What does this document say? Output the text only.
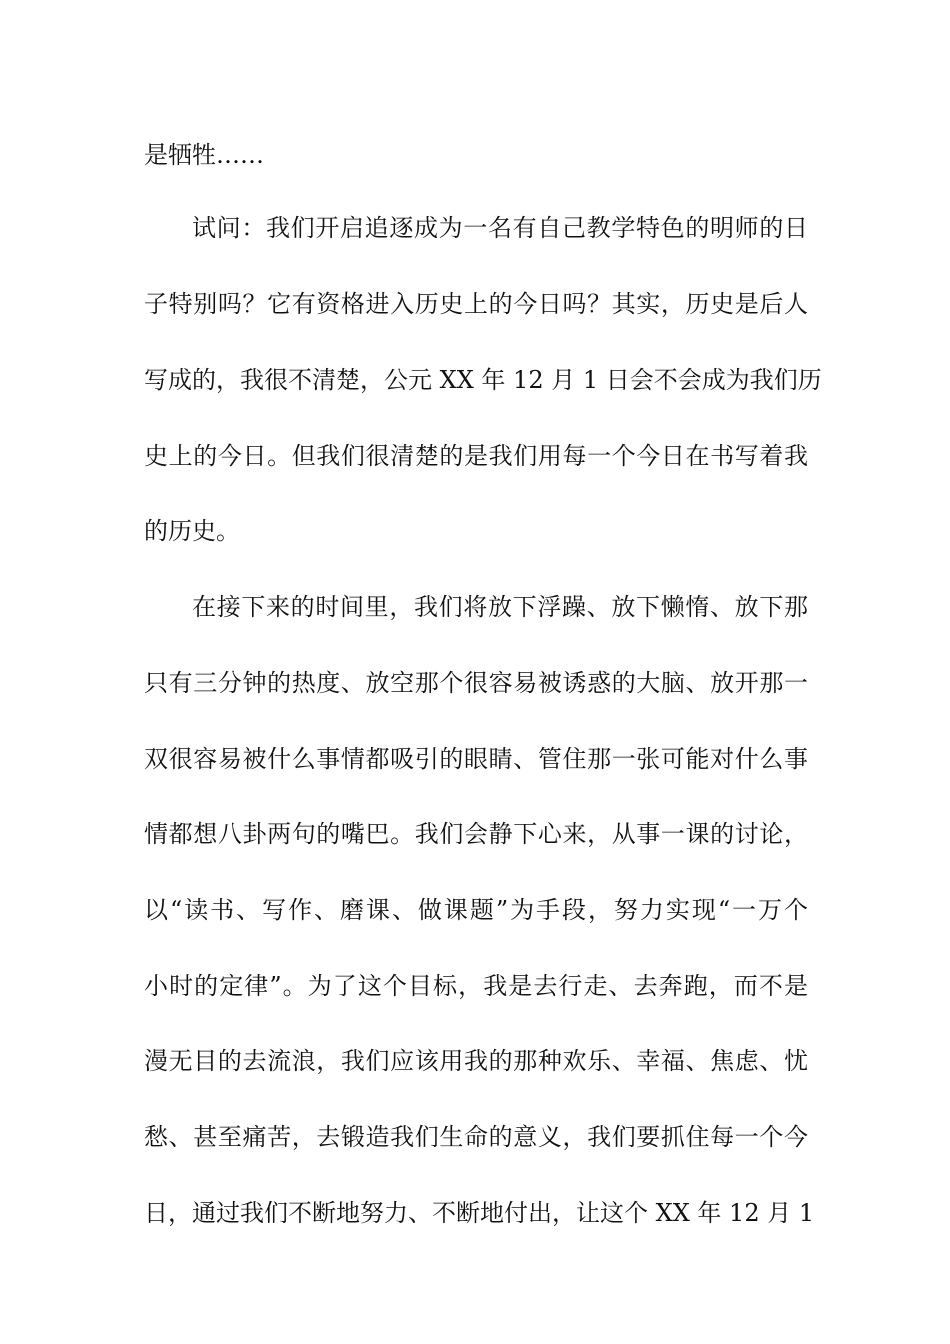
是牺牲……
试问：我们开启追逐成为一名有自己教学特色的明师的日
子特别吗？它有资格进入历史上的今日吗？其实，历史是后人
写成的，我很不清楚，公元 XX 年 12 月 1 日会不会成为我们历
史上的今日。但我们很清楚的是我们用每一个今日在书写着我
的历史。
在接下来的时间里，我们将放下浮躁、放下懒惰、放下那
只有三分钟的热度、放空那个很容易被诱惑的大脑、放开那一
双很容易被什么事情都吸引的眼睛、管住那一张可能对什么事
情都想八卦两句的嘴巴。我们会静下心来，从事一课的讨论，
以“读书、写作、磨课、做课题”为手段，努力实现“一万个
小时的定律”。为了这个目标，我是去行走、去奔跑，而不是
漫无目的去流浪，我们应该用我的那种欢乐、幸福、焦虑、忧
愁、甚至痛苦，去锻造我们生命的意义，我们要抓住每一个今
日，通过我们不断地努力、不断地付出，让这个 XX 年 12 月 1
